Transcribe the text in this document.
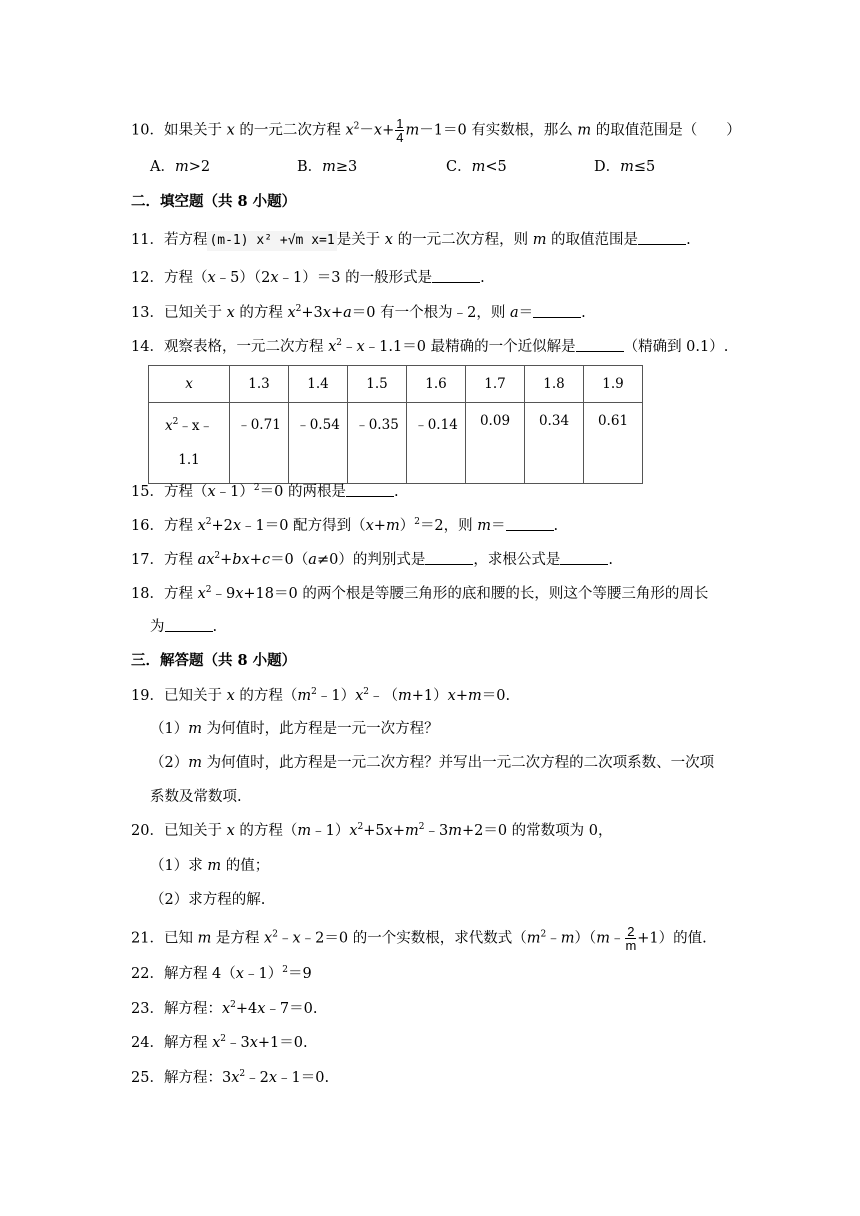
10．如果关于 x 的一元二次方程 $x^2-x+ \frac{1}{4} m-1=0$ 有实数根，那么 m 的取值范围是（　　）
A．m>2	B．m≥3	C．m<5	D．m≤5
二．填空题（共 8 小题）
11．若方程 (m-1) x² +√m x=1 是关于 x 的一元二次方程，则 m 的取值范围是	.
12．方程（x﹣5）（2x﹣1）＝3 的一般形式是	.
13．已知关于 x 的方程 $x^2+3x+a=0$ 有一个根为﹣2，则 a＝	.
14．观察表格，一元二次方程 $x^2﹣x﹣1.1=0$ 最精确的一个近似解是	（精确到 0.1）.
x	1.3	1.4	1.5	1.6	1.7	1.8	1.9
$x^2﹣x﹣$
1.1	﹣0.71	﹣0.54	﹣0.35	﹣0.14	0.09	0.34	0.61
15．方程（x﹣1）$^2$＝0 的两根是	.
16．方程 $x^2+2x﹣1=0$ 配方得到$(x+m)^2=2$，则 m＝	.
17．方程 $ax^2+bx+c=0(a\ne 0)$的判别式是	，求根公式是	.
18．方程 $x^2﹣9x+18=0$ 的两个根是等腰三角形的底和腰的长，则这个等腰三角形的周长
为	.
三．解答题（共 8 小题）
19．已知关于 x 的方程$(m^2﹣1)x^2﹣(m+1)x+m=0$.
（1）m 为何值时，此方程是一元一次方程？
（2）m 为何值时，此方程是一元二次方程？并写出一元二次方程的二次项系数、一次项
系数及常数项.
20．已知关于 x 的方程$(m﹣1)x^2+5x+m^2﹣3m+2=0$ 的常数项为 0，
（1）求 m 的值；
（2）求方程的解.
21．已知 m 是方程 $x^2﹣x﹣2=0$ 的一个实数根，求代数式$(m^2﹣m)(m﹣ \frac{2}{m} +1)$的值.
22．解方程 4（x﹣1）$^2$＝9
23．解方程：$x^2+4x﹣7=0$.
24．解方程 $x^2﹣3x+1=0$.
25．解方程：$3x^2﹣2x﹣1=0$.
